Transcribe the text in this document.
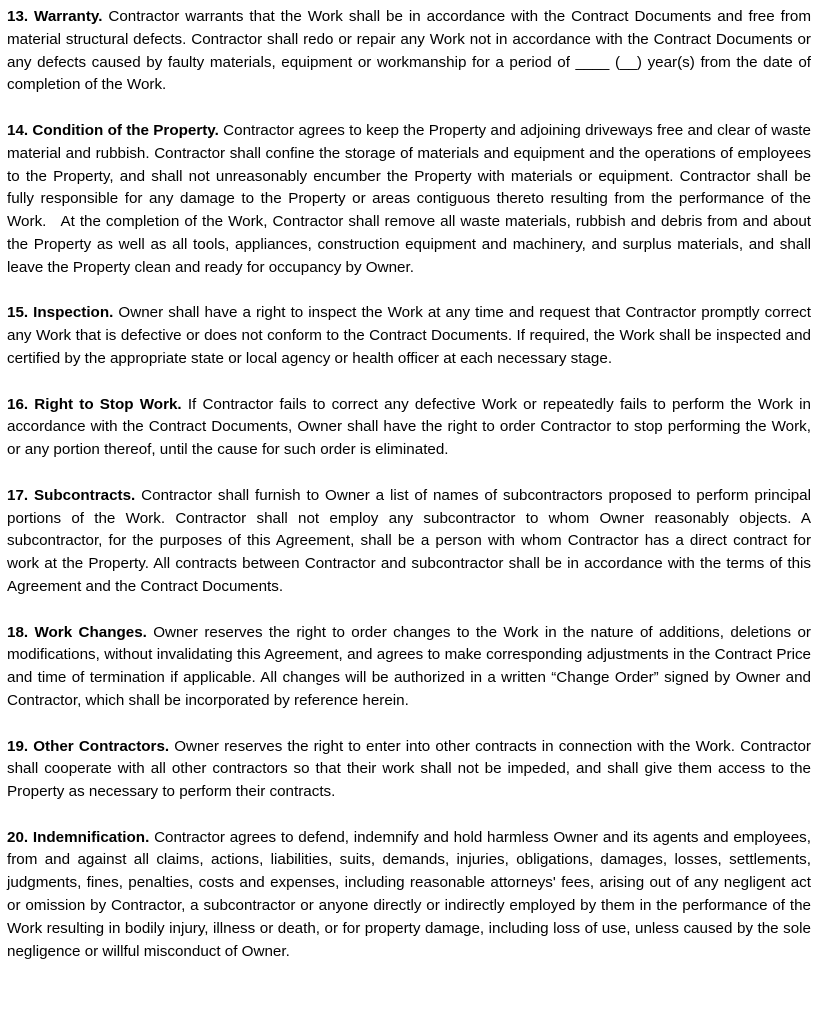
13. Warranty. Contractor warrants that the Work shall be in accordance with the Contract Documents and free from material structural defects. Contractor shall redo or repair any Work not in accordance with the Contract Documents or any defects caused by faulty materials, equipment or workmanship for a period of ____ (__) year(s) from the date of completion of the Work.

14. Condition of the Property. Contractor agrees to keep the Property and adjoining driveways free and clear of waste material and rubbish. Contractor shall confine the storage of materials and equipment and the operations of employees to the Property, and shall not unreasonably encumber the Property with materials or equipment. Contractor shall be fully responsible for any damage to the Property or areas contiguous thereto resulting from the performance of the Work.   At the completion of the Work, Contractor shall remove all waste materials, rubbish and debris from and about the Property as well as all tools, appliances, construction equipment and machinery, and surplus materials, and shall leave the Property clean and ready for occupancy by Owner.

15. Inspection. Owner shall have a right to inspect the Work at any time and request that Contractor promptly correct any Work that is defective or does not conform to the Contract Documents. If required, the Work shall be inspected and certified by the appropriate state or local agency or health officer at each necessary stage.

16. Right to Stop Work. If Contractor fails to correct any defective Work or repeatedly fails to perform the Work in accordance with the Contract Documents, Owner shall have the right to order Contractor to stop performing the Work, or any portion thereof, until the cause for such order is eliminated.

17. Subcontracts. Contractor shall furnish to Owner a list of names of subcontractors proposed to perform principal portions of the Work. Contractor shall not employ any subcontractor to whom Owner reasonably objects. A subcontractor, for the purposes of this Agreement, shall be a person with whom Contractor has a direct contract for work at the Property. All contracts between Contractor and subcontractor shall be in accordance with the terms of this Agreement and the Contract Documents.

18. Work Changes. Owner reserves the right to order changes to the Work in the nature of additions, deletions or modifications, without invalidating this Agreement, and agrees to make corresponding adjustments in the Contract Price and time of termination if applicable. All changes will be authorized in a written “Change Order” signed by Owner and Contractor, which shall be incorporated by reference herein.

19. Other Contractors. Owner reserves the right to enter into other contracts in connection with the Work. Contractor shall cooperate with all other contractors so that their work shall not be impeded, and shall give them access to the Property as necessary to perform their contracts.

20. Indemnification. Contractor agrees to defend, indemnify and hold harmless Owner and its agents and employees, from and against all claims, actions, liabilities, suits, demands, injuries, obligations, damages, losses, settlements, judgments, fines, penalties, costs and expenses, including reasonable attorneys' fees, arising out of any negligent act or omission by Contractor, a subcontractor or anyone directly or indirectly employed by them in the performance of the Work resulting in bodily injury, illness or death, or for property damage, including loss of use, unless caused by the sole negligence or willful misconduct of Owner.
